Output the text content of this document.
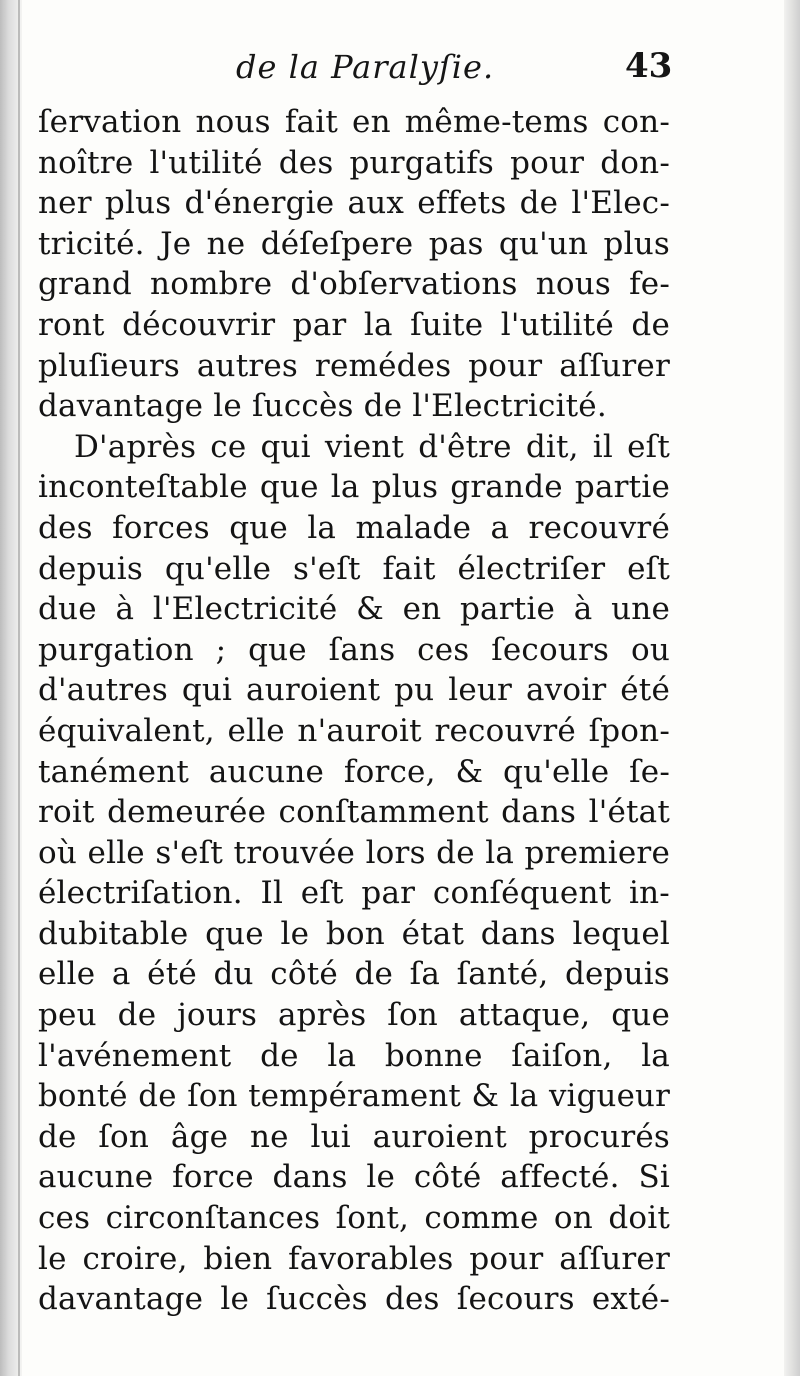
de la Paralyſie.	43
ſervation nous fait en même-tems con-
noître l'utilité des purgatifs pour don-
ner plus d'énergie aux effets de l'Elec-
tricité. Je ne déſeſpere pas qu'un plus
grand nombre d'obſervations nous fe-
ront découvrir par la ſuite l'utilité de
pluſieurs autres remédes pour aſſurer
davantage le ſuccès de l'Electricité.
D'après ce qui vient d'être dit, il eſt
inconteſtable que la plus grande partie
des forces que la malade a recouvré
depuis qu'elle s'eſt fait électriſer eſt
due à l'Electricité & en partie à une
purgation ; que ſans ces ſecours ou
d'autres qui auroient pu leur avoir été
équivalent, elle n'auroit recouvré ſpon-
tanément aucune force, & qu'elle ſe-
roit demeurée conſtamment dans l'état
où elle s'eſt trouvée lors de la premiere
électriſation. Il eſt par conſéquent in-
dubitable que le bon état dans lequel
elle a été du côté de ſa ſanté, depuis
peu de jours après ſon attaque, que
l'avénement de la bonne ſaiſon, la
bonté de ſon tempérament & la vigueur
de ſon âge ne lui auroient procurés
aucune force dans le côté affecté. Si
ces circonſtances ſont, comme on doit
le croire, bien favorables pour aſſurer
davantage le ſuccès des ſecours exté-
